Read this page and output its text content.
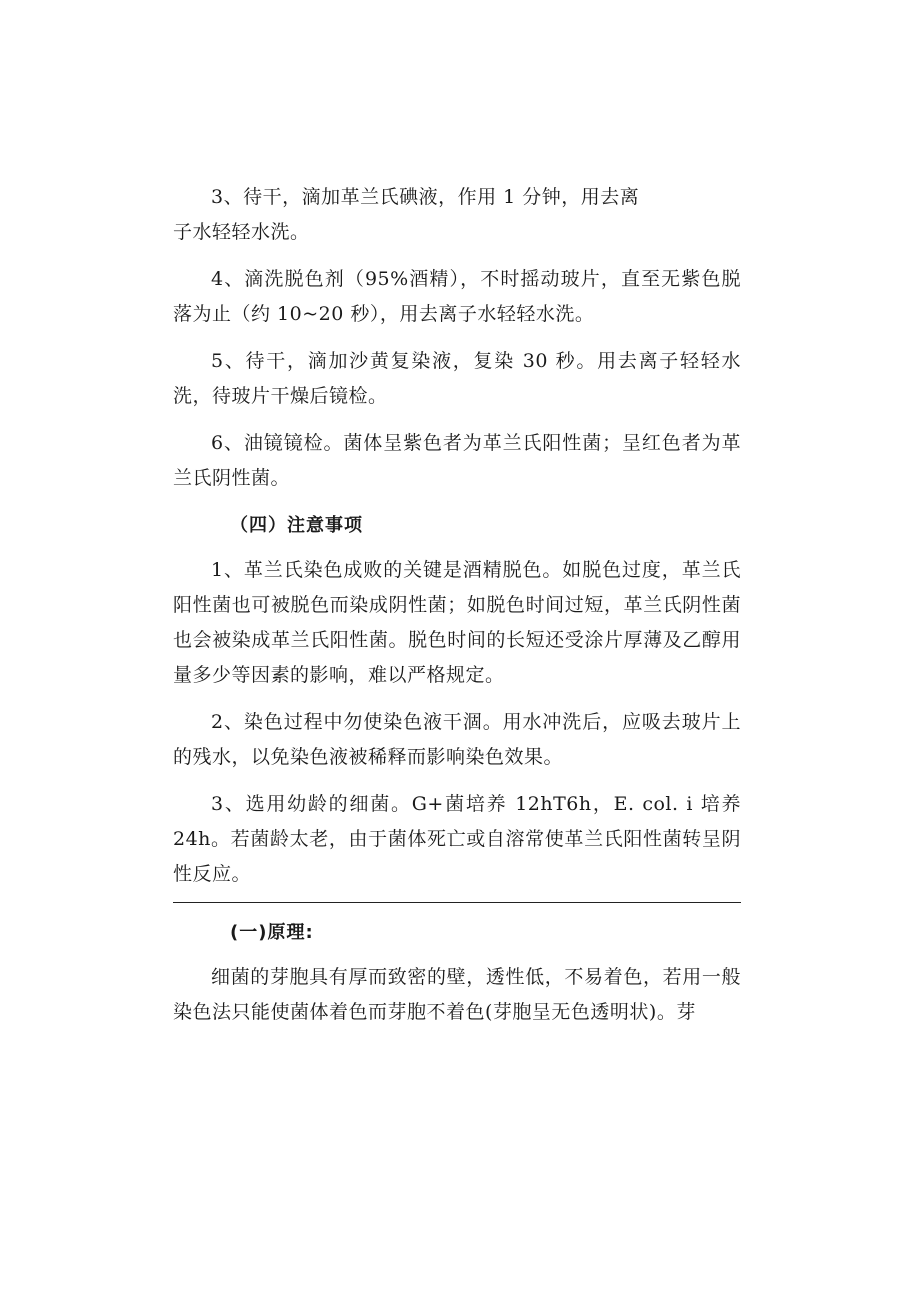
3、待干，滴加革兰氏碘液，作用 1 分钟，用去离
子水轻轻水洗。

4、滴洗脱色剂（95%酒精），不时摇动玻片，直至无紫色脱落为止（约 10~20 秒），用去离子水轻轻水洗。

5、待干，滴加沙黄复染液，复染 30 秒。用去离子轻轻水洗，待玻片干燥后镜检。

6、油镜镜检。菌体呈紫色者为革兰氏阳性菌；呈红色者为革兰氏阴性菌。

（四）注意事项

1、革兰氏染色成败的关键是酒精脱色。如脱色过度，革兰氏阳性菌也可被脱色而染成阴性菌；如脱色时间过短，革兰氏阴性菌也会被染成革兰氏阳性菌。脱色时间的长短还受涂片厚薄及乙醇用量多少等因素的影响，难以严格规定。

2、染色过程中勿使染色液干涸。用水冲洗后，应吸去玻片上的残水，以免染色液被稀释而影响染色效果。

3、选用幼龄的细菌。G+菌培养 12hT6h，E. col. i 培养 24h。若菌龄太老，由于菌体死亡或自溶常使革兰氏阳性菌转呈阴性反应。

(一)原理:

细菌的芽胞具有厚而致密的壁，透性低，不易着色，若用一般染色法只能使菌体着色而芽胞不着色(芽胞呈无色透明状)。芽
